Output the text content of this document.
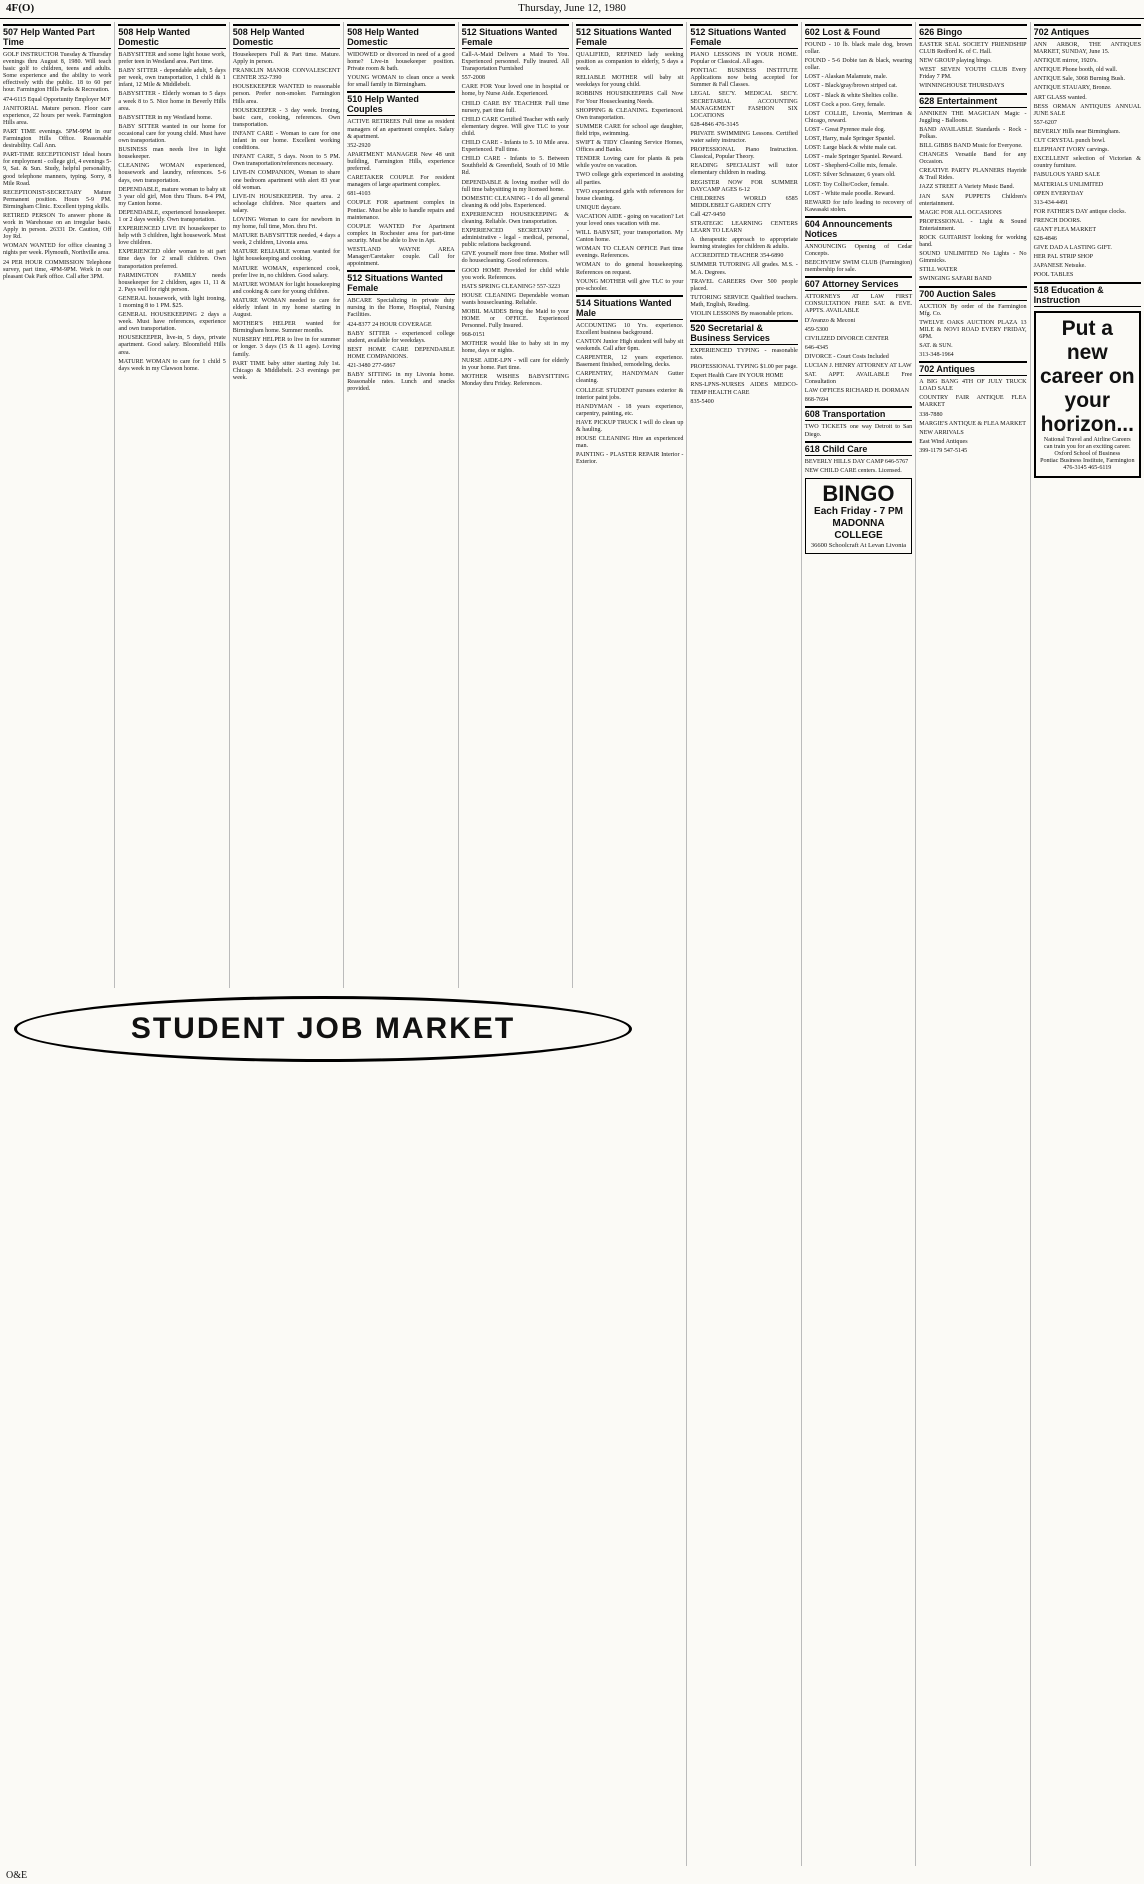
4F(O)	Thursday, June 12, 1980
507 Help Wanted Part Time

GOLF INSTRUCTOR Tuesday & Thursday evenings thru August 8, 1980. Will teach basic golf to children, teens and adults. Some experience and the ability to work effectively with the public. 18 to 60 per hour. Farmington Hills Parks & Recreation.

474-6115 Equal Opportunity Employer M/F

JANITORIAL Mature person. Floor care experience, 22 hours per week. Farmington Hills area.

PART TIME evenings. 5PM-9PM in our Farmington Hills Office. Reasonable desirability. Call Ann.

PART-TIME RECEPTIONIST Ideal hours for employment - college girl, 4 evenings 5-9, Sat. & Sun. Study, helpful personality, good telephone manners, typing. Sorry, 8 Mile Road.

RECEPTIONIST-SECRETARY Mature Permanent position. Hours 5-9 PM. Birmingham Clinic. Excellent typing skills.

RETIRED PERSON To answer phone & work in Warehouse on an irregular basis. Apply in person. 26331 Dr. Caution, Off Joy Rd.

WOMAN WANTED for office cleaning 3 nights per week. Plymouth, Northville area.

24 PER HOUR COMMISSION Telephone survey, part time, 4PM-9PM. Work in our pleasant Oak Park office. Call after 3PM.

508 Help Wanted Domestic

BABYSITTER and some light house work, prefer teen in Westland area. Part time.

BABY SITTER - dependable adult, 5 days per week, own transportation, 1 child & 1 infant, 12 Mile & Middlebelt.

BABYSITTER - Elderly woman to 5 days a week 8 to 5. Nice home in Beverly Hills area.

BABYSITTER in my Westland home.

BABY SITTER wanted in our home for occasional care for young child. Must have own transportation.

BUSINESS man needs live in light housekeeper.

CLEANING WOMAN experienced, housework and laundry, references. 5-6 days, own transportation.

DEPENDABLE, mature woman to baby sit 3 year old girl, Mon thru Thurs. 8-4 PM, my Canton home.

DEPENDABLE, experienced housekeeper. 1 or 2 days weekly. Own transportation.

EXPERIENCED LIVE IN housekeeper to help with 3 children, light housework. Must love children.

EXPERIENCED older woman to sit part time days for 2 small children. Own transportation preferred.

FARMINGTON FAMILY needs housekeeper for 2 children, ages 11, 11 & 2. Pays well for right person.

GENERAL housework, with light ironing, 1 morning 8 to 1 PM. $25.

GENERAL HOUSEKEEPING 2 days a week. Must have references, experience and own transportation.

HOUSEKEEPER, live-in, 5 days, private apartment. Good salary. Bloomfield Hills area.

MATURE WOMAN to care for 1 child 5 days week in my Clawson home.

508 Help Wanted Domestic

Housekeepers Full & Part time. Mature. Apply in person.

FRANKLIN MANOR CONVALESCENT CENTER 352-7390

HOUSEKEEPER WANTED to reasonable person. Prefer non-smoker. Farmington Hills area.

HOUSEKEEPER - 3 day week. Ironing, basic care, cooking, references. Own transportation.

INFANT CARE - Woman to care for one infant in our home. Excellent working conditions.

INFANT CARE, 5 days. Noon to 5 PM. Own transportation/references necessary.

LIVE-IN COMPANION, Woman to share one bedroom apartment with alert 83 year old woman.

LIVE-IN HOUSEKEEPER. Try area. 2 schoolage children. Nice quarters and salary.

LOVING Woman to care for newborn in my home, full time, Mon. thru Fri.

MATURE BABYSITTER needed, 4 days a week, 2 children, Livonia area.

MATURE RELIABLE woman wanted for light housekeeping and cooking.

MATURE WOMAN, experienced cook, prefer live in, no children. Good salary.

MATURE WOMAN for light housekeeping and cooking & care for young children.

MATURE WOMAN needed to care for elderly infant in my home starting in August.

MOTHER'S HELPER wanted for Birmingham home. Summer months.

NURSERY HELPER to live in for summer or longer. 3 days (15 & 11 ages). Loving family.

PART TIME baby sitter starting July 1st. Chicago & Middlebelt. 2-3 evenings per week.

508 Help Wanted Domestic

WIDOWED or divorced in need of a good home? Live-in housekeeper position. Private room & bath.

YOUNG WOMAN to clean once a week for small family in Birmingham.

510 Help Wanted Couples

ACTIVE RETIREES Full time as resident managers of an apartment complex. Salary & apartment.

352-2920

APARTMENT MANAGER New 48 unit building, Farmington Hills, experience preferred.

CARETAKER COUPLE For resident managers of large apartment complex.

681-4103

COUPLE FOR apartment complex in Pontiac. Must be able to handle repairs and maintenance.

COUPLE WANTED For Apartment complex in Rochester area for part-time security. Must be able to live in Apt.

WESTLAND WAYNE AREA Manager/Caretaker couple. Call for appointment.

512 Situations Wanted Female

ABCARE Specializing in private duty nursing in the Home, Hospital, Nursing Facilities.

424-8377 24 HOUR COVERAGE

BABY SITTER - experienced college student, available for weekdays.

BEST HOME CARE DEPENDABLE HOME COMPANIONS.

421-3480 277-6867

BABY SITTING in my Livonia home. Reasonable rates. Lunch and snacks provided.

512 Situations Wanted Female

Call-A-Maid Delivers a Maid To You. Experienced personnel. Fully insured. All Transportation Furnished

557-2008

CARE FOR Your loved one in hospital or home, by Nurse Aide. Experienced.

CHILD CARE BY TEACHER Full time nursery, part time full.

CHILD CARE Certified Teacher with early elementary degree. Will give TLC to your child.

CHILD CARE - Infants to 5. 10 Mile area. Experienced. Full time.

CHILD CARE - Infants to 5. Between Southfield & Greenfield, South of 10 Mile Rd.

DEPENDABLE & loving mother will do full time babysitting in my licensed home.

DOMESTIC CLEANING - I do all general cleaning & odd jobs. Experienced.

EXPERIENCED HOUSEKEEPING & cleaning. Reliable. Own transportation.

EXPERIENCED SECRETARY - administrative - legal - medical, personal, public relations background.

GIVE yourself more free time. Mother will do housecleaning. Good references.

GOOD HOME Provided for child while you work. References.

HATS SPRING CLEANING? 557-3223

HOUSE CLEANING Dependable woman wants housecleaning. Reliable.

MOBIL MAIDES Bring the Maid to your HOME or OFFICE. Experienced Personnel. Fully Insured.

968-0151

MOTHER would like to baby sit in my home, days or nights.

NURSE AIDE-LPN - will care for elderly in your home. Part time.

MOTHER WISHES BABYSITTING Monday thru Friday. References.

512 Situations Wanted Female

QUALIFIED, REFINED lady seeking position as companion to elderly, 5 days a week.

RELIABLE MOTHER will baby sit weekdays for young child.

ROBBINS HOUSEKEEPERS Call Now For Your Housecleaning Needs.

SHOPPING & CLEANING. Experienced. Own transportation.

SUMMER CARE for school age daughter, field trips, swimming.

SWIFT & TIDY Cleaning Service Homes, Offices and Banks.

TENDER Loving care for plants & pets while you're on vacation.

TWO college girls experienced in assisting all parties.

TWO experienced girls with references for house cleaning.

UNIQUE daycare.

VACATION AIDE - going on vacation? Let your loved ones vacation with me.

WILL BABYSIT, your transportation. My Canton home.

WOMAN TO CLEAN OFFICE Part time evenings. References.

WOMAN to do general housekeeping. References on request.

YOUNG MOTHER will give TLC to your pre-schooler.

514 Situations Wanted Male

ACCOUNTING 10 Yrs. experience. Excellent business background.

CANTON Junior High student will baby sit weekends. Call after 6pm.

CARPENTER, 12 years experience. Basement finished, remodeling, decks.

CARPENTRY, HANDYMAN Gutter cleaning.

COLLEGE STUDENT pursues exterior & interior paint jobs.

HANDYMAN - 18 years experience, carpentry, painting, etc.

HAVE PICKUP TRUCK I will do clean up & hauling.

HOUSE CLEANING Hire an experienced man.

PAINTING - PLASTER REPAIR Interior - Exterior.

512 Situations Wanted Female

PIANO LESSONS IN YOUR HOME. Popular or Classical. All ages.

PONTIAC BUSINESS INSTITUTE Applications now being accepted for Summer & Fall Classes.

LEGAL SEC'Y. MEDICAL SEC'Y. SECRETARIAL ACCOUNTING MANAGEMENT FASHION SIX LOCATIONS

628-4846 476-3145

PRIVATE SWIMMING Lessons. Certified water safety instructor.

PROFESSIONAL Piano Instruction. Classical, Popular Theory.

READING SPECIALIST will tutor elementary children in reading.

REGISTER NOW FOR SUMMER DAYCAMP AGES 6-12

CHILDRENS WORLD 6585 MIDDLEBELT GARDEN CITY

Call 427-9450

STRATEGIC LEARNING CENTERS LEARN TO LEARN

A therapeutic approach to appropriate learning strategies for children & adults.

ACCREDITED TEACHER 354-6890

SUMMER TUTORING All grades. M.S. - M.A. Degrees.

TRAVEL CAREERS Over 500 people placed.

TUTORING SERVICE Qualified teachers. Math, English, Reading.

VIOLIN LESSONS By reasonable prices.

520 Secretarial & Business Services

EXPERIENCED TYPING - reasonable rates.

PROFESSIONAL TYPING $1.00 per page.

Expert Health Care IN YOUR HOME

RNS-LPNS-NURSES AIDES MEDCO-TEMP HEALTH CARE

835-5400

602 Lost & Found

FOUND - 10 lb. black male dog, brown collar.

FOUND - 5-6 Dobie tan & black, wearing collar.

LOST - Alaskan Malamute, male.

LOST - Black/gray/brown striped cat.

LOST - Black & white Shelties collie.

LOST Cock a poo. Grey, female.

LOST COLLIE, Livonia, Merriman & Chicago, reward.

LOST - Great Pyrenee male dog.

LOST, Harry, male Springer Spaniel.

LOST: Large black & white male cat.

LOST - male Springer Spaniel. Reward.

LOST - Shepherd-Collie mix, female.

LOST: Silver Schnauzer, 6 years old.

LOST: Toy Collie/Cocker, female.

LOST - White male poodle. Reward.

REWARD for info leading to recovery of Kawasaki stolen.

604 Announcements Notices

ANNOUNCING Opening of Cedar Concepts.

BEECHVIEW SWIM CLUB (Farmington) membership for sale.

607 Attorney Services

ATTORNEYS AT LAW FIRST CONSULTATION FREE SAT. & EVE. APPTS. AVAILABLE

D'Avanzo & Meconi

459-5300

CIVILIZED DIVORCE CENTER

646-4345

DIVORCE - Court Costs Included

LUCIAN J. HENRY ATTORNEY AT LAW

SAT. APPT. AVAILABLE Free Consultation

LAW OFFICES RICHARD H. DORMAN

868-7694

608 Transportation

TWO TICKETS one way Detroit to San Diego.

618 Child Care

BEVERLY HILLS DAY CAMP 646-5767

NEW CHILD CARE centers. Licensed.

BINGO
Each Friday - 7 PM
MADONNA COLLEGE
36600 Schoolcraft At Levan Livonia
626 Bingo

EASTER SEAL SOCIETY FRIENDSHIP CLUB Redford K. of C. Hall.

NEW GROUP playing bingo.

WEST SEVEN YOUTH CLUB Every Friday 7 PM.

WINNINGHOUSE THURSDAYS

628 Entertainment

ANNIKEN THE MAGICIAN Magic - Juggling - Balloons.

BAND AVAILABLE Standards - Rock - Polkas.

BILL GIBBS BAND Music for Everyone.

CHANGES Versatile Band for any Occasion.

CREATIVE PARTY PLANNERS Hayride & Trail Rides.

JAZZ STREET A Variety Music Band.

JAN SAN PUPPETS Children's entertainment.

MAGIC FOR ALL OCCASIONS

PROFESSIONAL - Light & Sound Entertainment.

ROCK GUITARIST looking for working band.

SOUND UNLIMITED No Lights - No Gimmicks.

STILL WATER

SWINGING SAFARI BAND

700 Auction Sales

AUCTION By order of the Farmington Mfg. Co.

TWELVE OAKS AUCTION PLAZA 13 MILE & NOVI ROAD EVERY FRIDAY, 6PM.

SAT. & SUN.

313-348-1964

702 Antiques

A BIG BANG 4TH OF JULY TRUCK LOAD SALE

COUNTRY FAIR ANTIQUE FLEA MARKET

338-7880

MARGIE'S ANTIQUE & FLEA MARKET

NEW ARRIVALS

East Wind Antiques

399-1179 547-5145

702 Antiques

ANN ARBOR, THE ANTIQUES MARKET, SUNDAY, June 15.

ANTIQUE mirror, 1920's.

ANTIQUE Phone booth, old wall.

ANTIQUE Sale, 3068 Burning Bush.

ANTIQUE STAUARY, Bronze.

ART GLASS wanted.

BESS ORMAN ANTIQUES ANNUAL JUNE SALE

557-6207

BEVERLY Hills near Birmingham.

CUT CRYSTAL punch bowl.

ELEPHANT IVORY carvings.

EXCELLENT selection of Victorian & country furniture.

FABULOUS YARD SALE

MATERIALS UNLIMITED

OPEN EVERYDAY

313-434-4491

FOR FATHER'S DAY antique clocks.

FRENCH DOORS.

GIANT FLEA MARKET

628-4846

GIVE DAD A LASTING GIFT.

HER PAL STRIP SHOP

JAPANESE Netsuke.

POOL TABLES

518 Education & Instruction
Put a new career on your horizon...
National Travel and Airline Careers can train you for an exciting career.
Oxford School of Business
Pontiac Business Institute, Farmington
476-3145 465-6119
STUDENT JOB MARKET
O&E
